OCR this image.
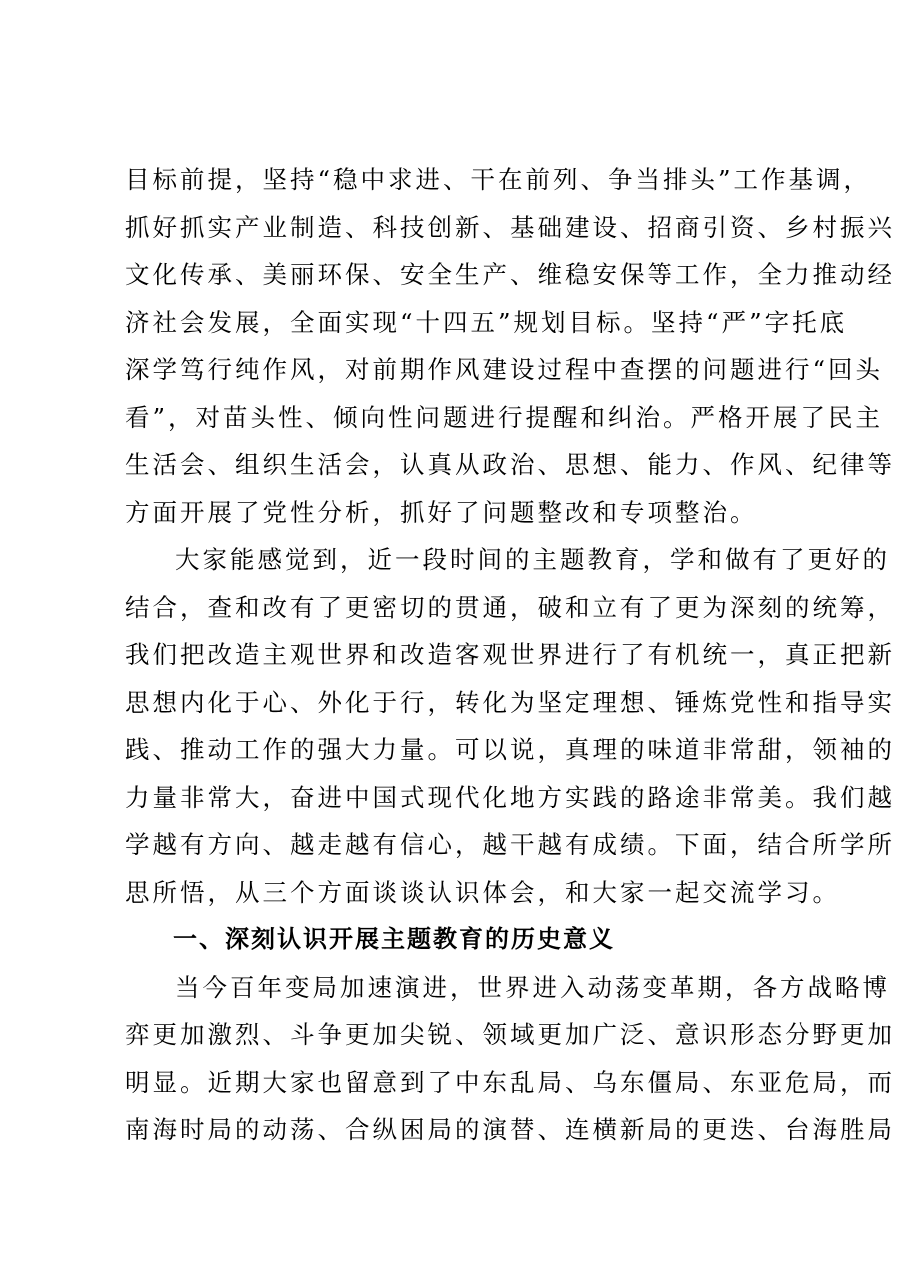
目标前提，坚持“稳中求进、干在前列、争当排头”工作基调，
抓好抓实产业制造、科技创新、基础建设、招商引资、乡村振兴
文化传承、美丽环保、安全生产、维稳安保等工作，全力推动经
济社会发展，全面实现“十四五”规划目标。坚持“严”字托底
深学笃行纯作风，对前期作风建设过程中查摆的问题进行“回头
看”，对苗头性、倾向性问题进行提醒和纠治。严格开展了民主
生活会、组织生活会，认真从政治、思想、能力、作风、纪律等
方面开展了党性分析，抓好了问题整改和专项整治。
大家能感觉到，近一段时间的主题教育，学和做有了更好的
结合，查和改有了更密切的贯通，破和立有了更为深刻的统筹，
我们把改造主观世界和改造客观世界进行了有机统一，真正把新
思想内化于心、外化于行，转化为坚定理想、锤炼党性和指导实
践、推动工作的强大力量。可以说，真理的味道非常甜，领袖的
力量非常大，奋进中国式现代化地方实践的路途非常美。我们越
学越有方向、越走越有信心，越干越有成绩。下面，结合所学所
思所悟，从三个方面谈谈认识体会，和大家一起交流学习。
一、深刻认识开展主题教育的历史意义
当今百年变局加速演进，世界进入动荡变革期，各方战略博
弈更加激烈、斗争更加尖锐、领域更加广泛、意识形态分野更加
明显。近期大家也留意到了中东乱局、乌东僵局、东亚危局，而
南海时局的动荡、合纵困局的演替、连横新局的更迭、台海胜局
